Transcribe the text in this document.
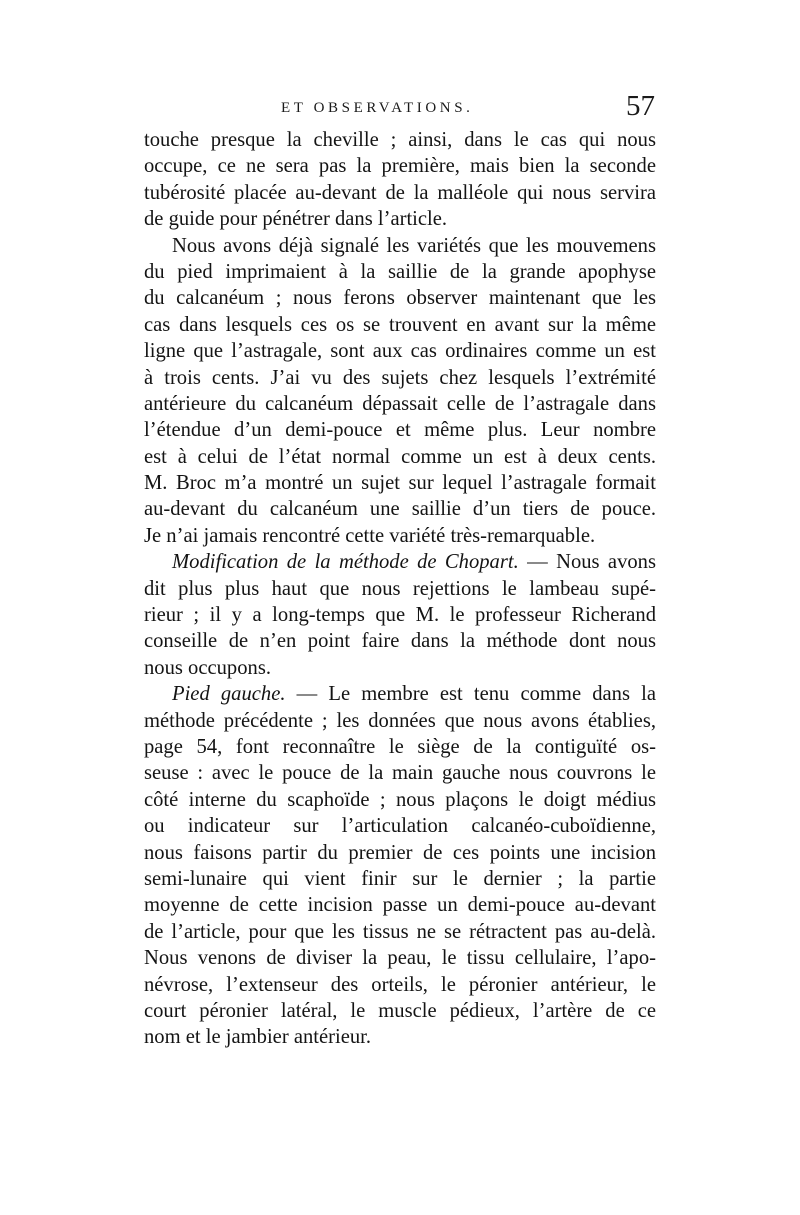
ET OBSERVATIONS.	57
touche presque la cheville ; ainsi, dans le cas qui nous
occupe, ce ne sera pas la première, mais bien la seconde
tubérosité placée au-devant de la malléole qui nous servira
de guide pour pénétrer dans l’article.
Nous avons déjà signalé les variétés que les mouvemens
du pied imprimaient à la saillie de la grande apophyse
du calcanéum ; nous ferons observer maintenant que les
cas dans lesquels ces os se trouvent en avant sur la même
ligne que l’astragale, sont aux cas ordinaires comme un est
à trois cents. J’ai vu des sujets chez lesquels l’extrémité
antérieure du calcanéum dépassait celle de l’astragale dans
l’étendue d’un demi-pouce et même plus. Leur nombre
est à celui de l’état normal comme un est à deux cents.
M. Broc m’a montré un sujet sur lequel l’astragale formait
au-devant du calcanéum une saillie d’un tiers de pouce.
Je n’ai jamais rencontré cette variété très-remarquable.
Modification de la méthode de Chopart. — Nous avons
dit plus plus haut que nous rejettions le lambeau supé-
rieur ; il y a long-temps que M. le professeur Richerand
conseille de n’en point faire dans la méthode dont nous
nous occupons.
Pied gauche. — Le membre est tenu comme dans la
méthode précédente ; les données que nous avons établies,
page 54, font reconnaître le siège de la contiguïté os-
seuse : avec le pouce de la main gauche nous couvrons le
côté interne du scaphoïde ; nous plaçons le doigt médius
ou indicateur sur l’articulation calcanéo-cuboïdienne,
nous faisons partir du premier de ces points une incision
semi-lunaire qui vient finir sur le dernier ; la partie
moyenne de cette incision passe un demi-pouce au-devant
de l’article, pour que les tissus ne se rétractent pas au-delà.
Nous venons de diviser la peau, le tissu cellulaire, l’apo-
névrose, l’extenseur des orteils, le péronier antérieur, le
court péronier latéral, le muscle pédieux, l’artère de ce
nom et le jambier antérieur.
